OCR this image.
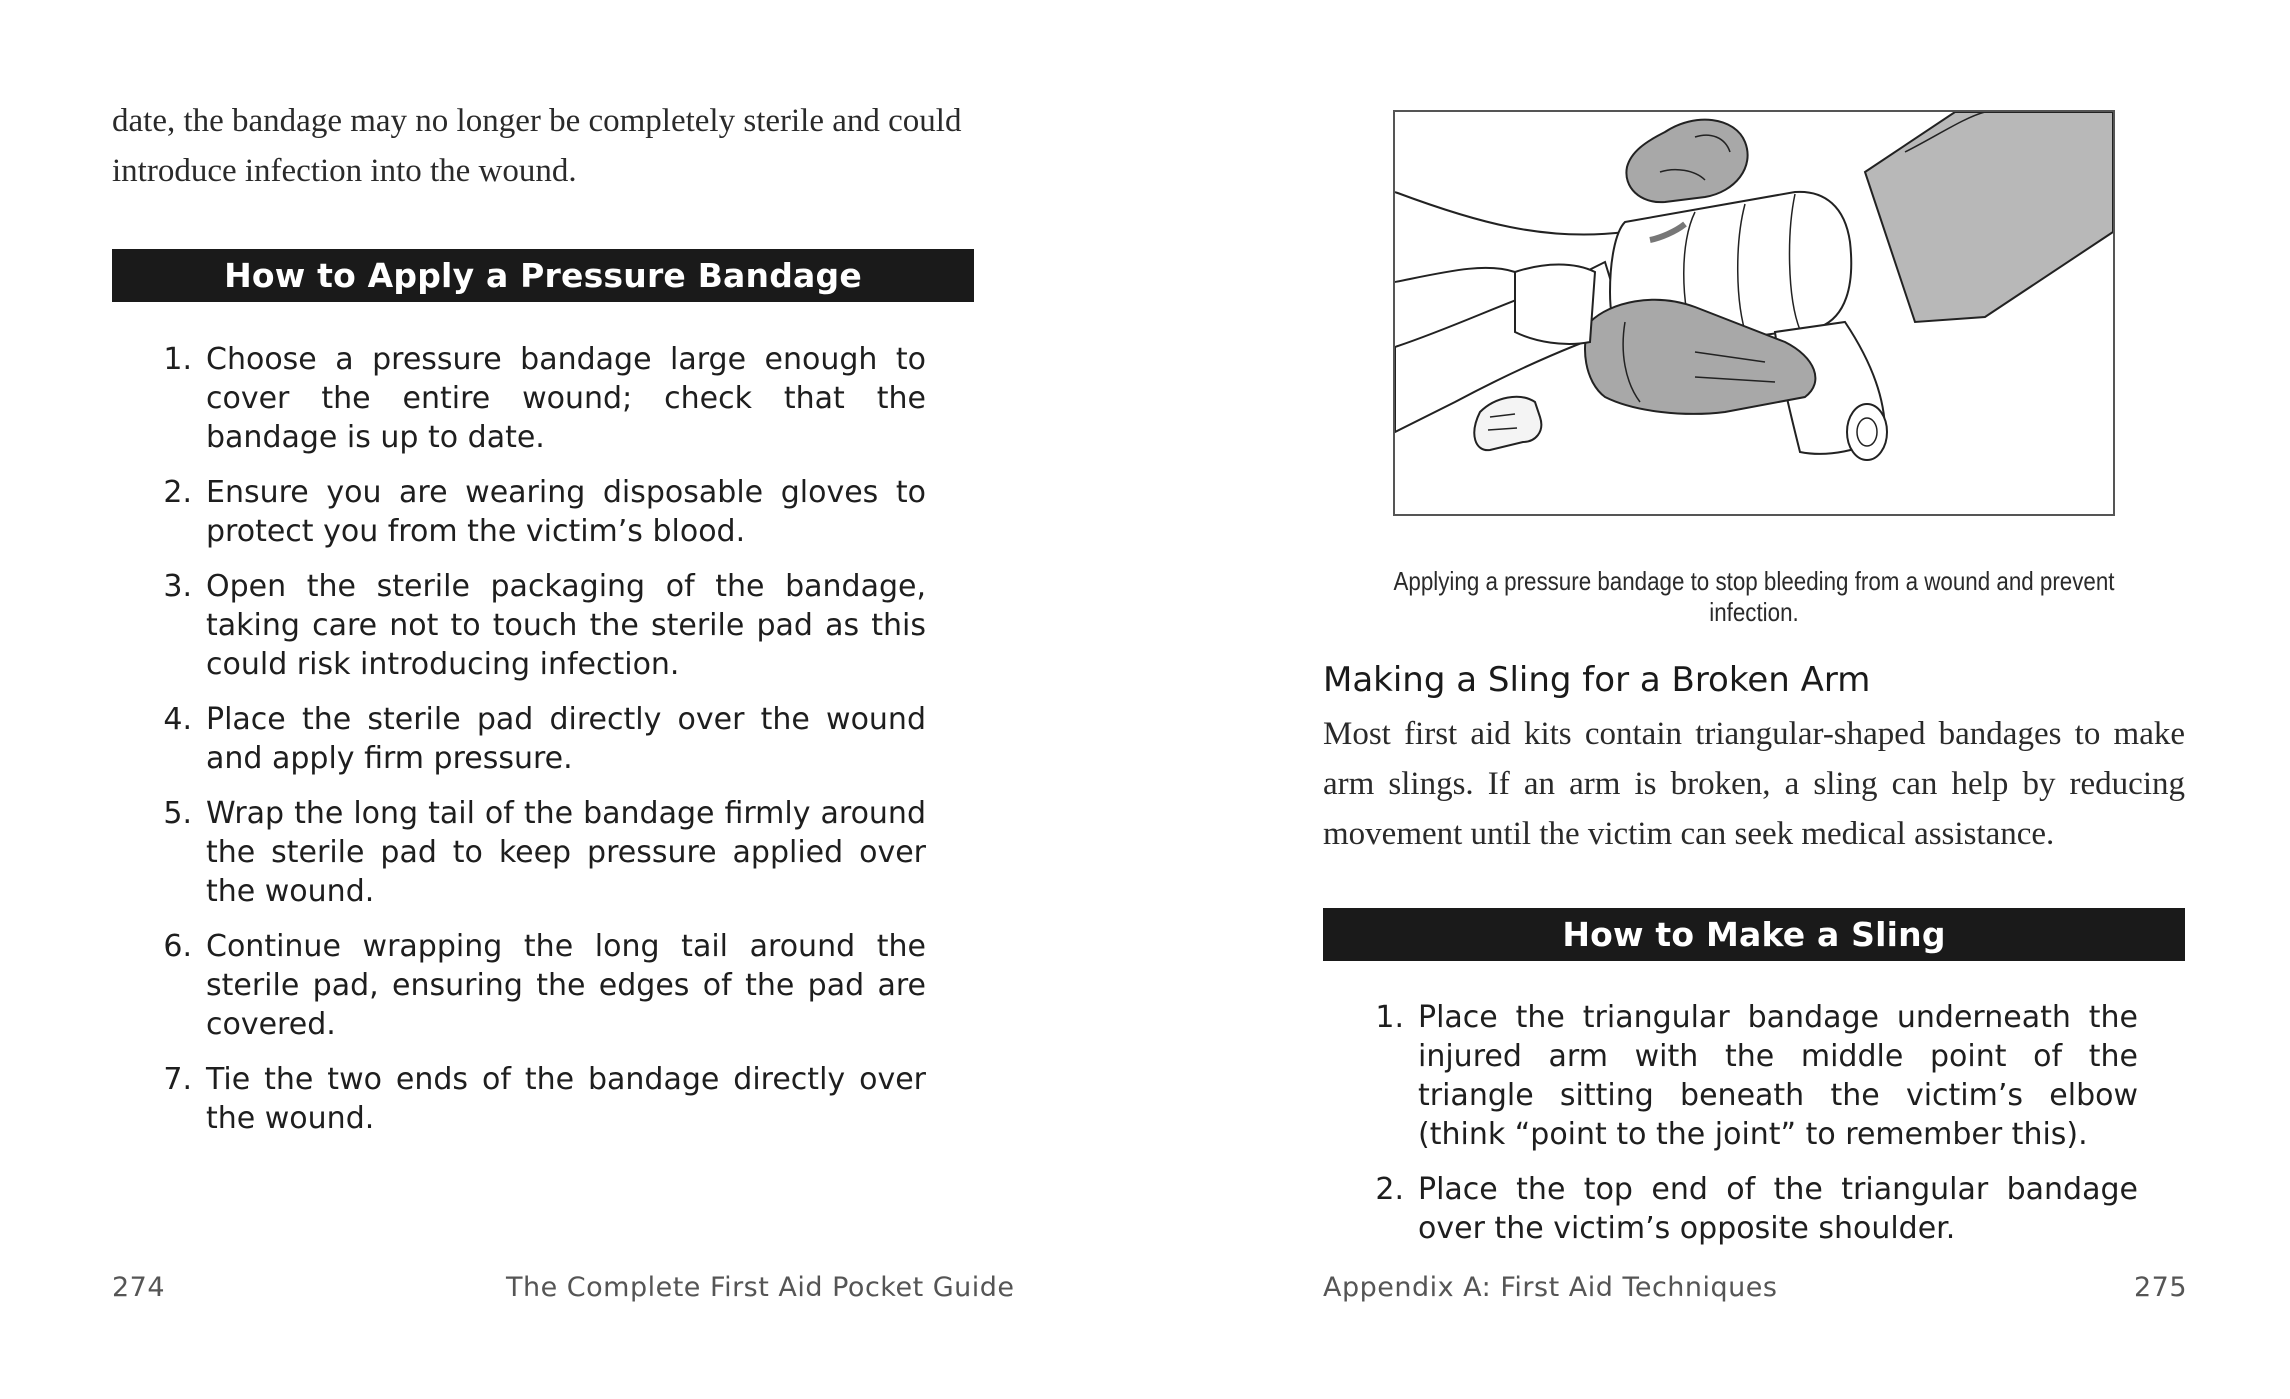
date, the bandage may no longer be completely sterile and could introduce infection into the wound.
How to Apply a Pressure Bandage
1. Choose a pressure bandage large enough to cover the entire wound; check that the bandage is up to date.
2. Ensure you are wearing disposable gloves to protect you from the victim’s blood.
3. Open the sterile packaging of the bandage, taking care not to touch the sterile pad as this could risk introducing infection.
4. Place the sterile pad directly over the wound and apply firm pressure.
5. Wrap the long tail of the bandage firmly around the sterile pad to keep pressure applied over the wound.
6. Continue wrapping the long tail around the sterile pad, ensuring the edges of the pad are covered.
7. Tie the two ends of the bandage directly over the wound.
274	The Complete First Aid Pocket Guide
Applying a pressure bandage to stop bleeding from a wound and prevent infection.
Making a Sling for a Broken Arm
Most first aid kits contain triangular-shaped bandages to make arm slings. If an arm is broken, a sling can help by reducing movement until the victim can seek medical assistance.
How to Make a Sling
1. Place the triangular bandage underneath the injured arm with the middle point of the triangle sitting beneath the victim’s elbow (think “point to the joint” to remember this).
2. Place the top end of the triangular bandage over the victim’s opposite shoulder.
Appendix A: First Aid Techniques	275
